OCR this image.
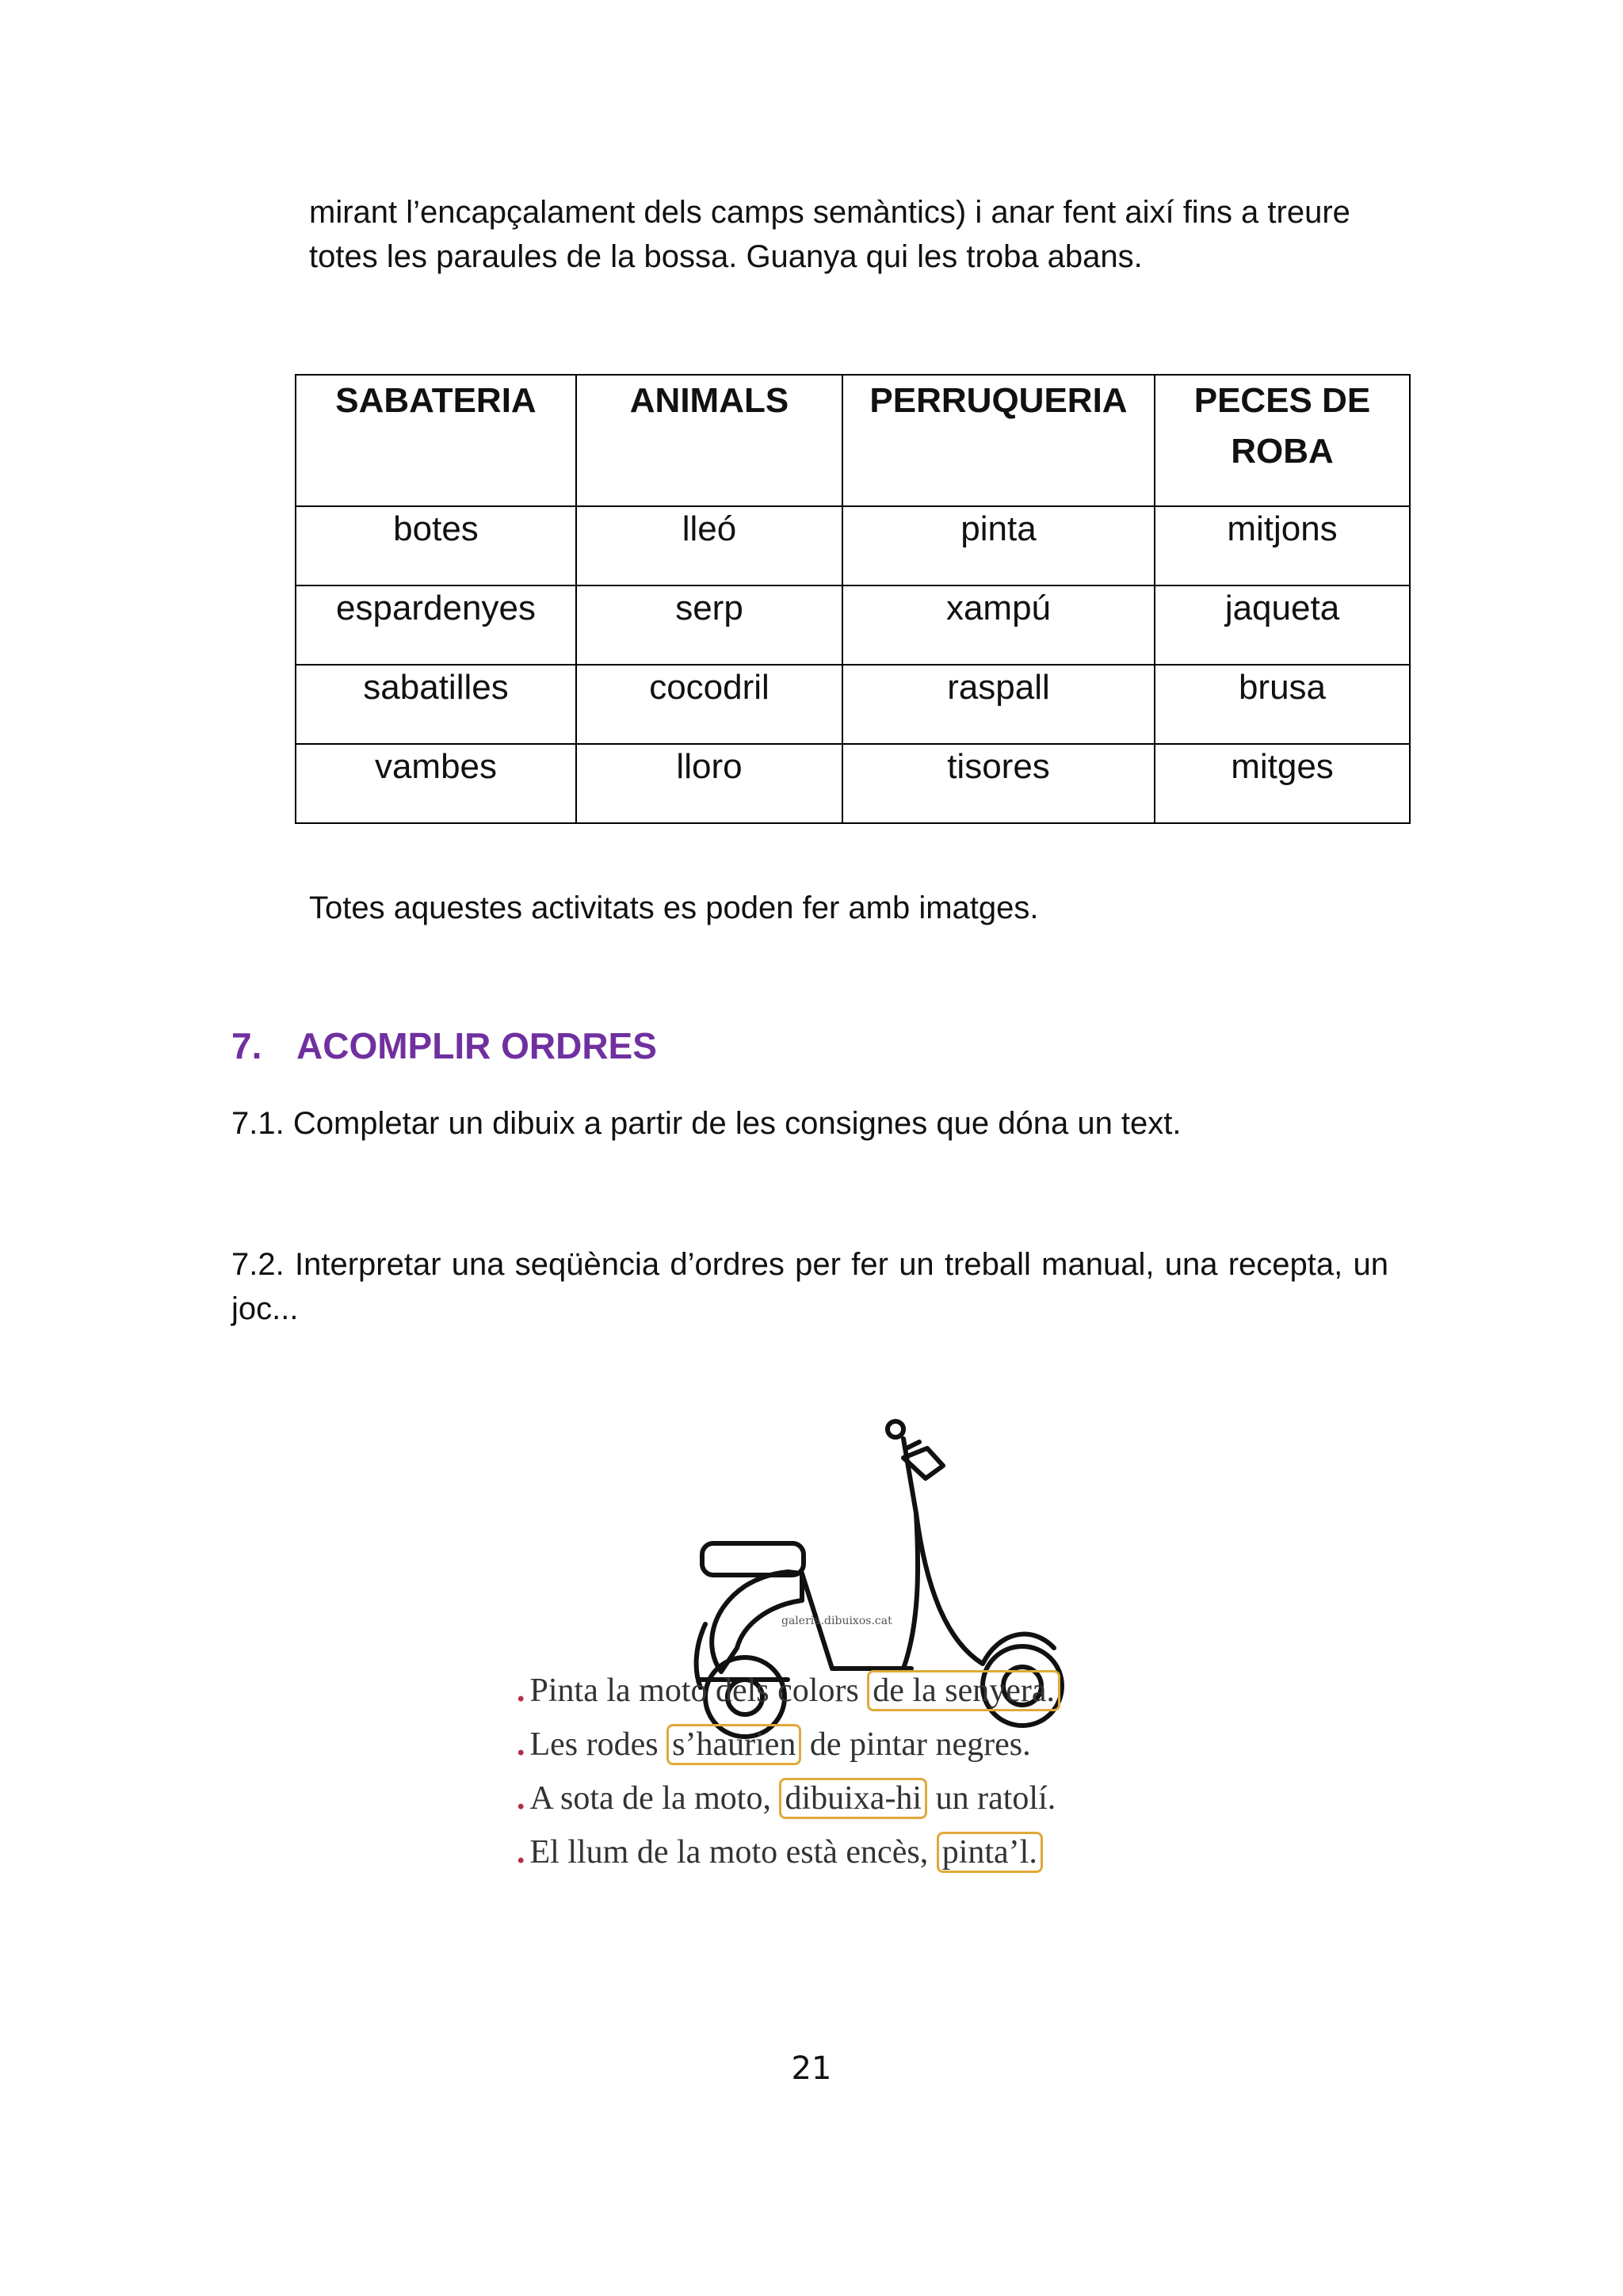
mirant l’encapçalament dels camps semàntics) i anar fent així fins a treure totes les paraules de la bossa. Guanya qui les troba abans.

SABATERIA	ANIMALS	PERRUQUERIA	PECES DE ROBA
botes	lleó	pinta	mitjons
espardenyes	serp	xampú	jaqueta
sabatilles	cocodril	raspall	brusa
vambes	lloro	tisores	mitges

Totes aquestes activitats es poden fer amb imatges.

7. ACOMPLIR ORDRES

7.1. Completar un dibuix a partir de les consignes que dóna un text.

7.2. Interpretar una seqüència d’ordres per fer un treball manual, una recepta, un joc...

galeria.dibuixos.cat
. Pinta la moto dels colors de la senyera.
. Les rodes s’haurien de pintar negres.
. A sota de la moto, dibuixa-hi un ratolí.
. El llum de la moto està encès, pinta’l.
21
